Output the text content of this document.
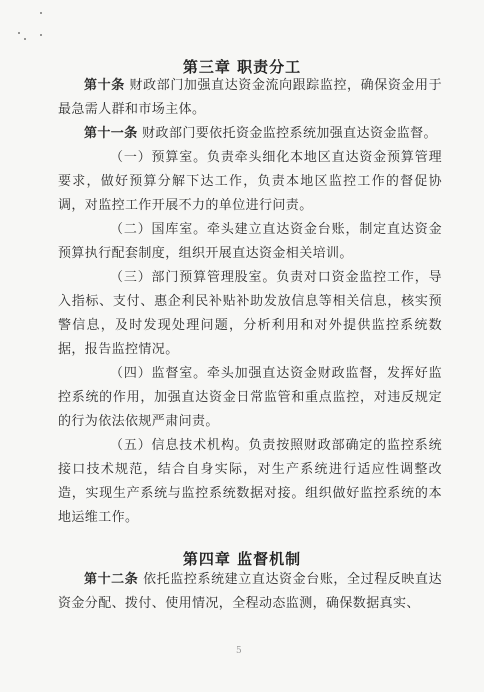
第三章 职责分工
第十条 财政部门加强直达资金流向跟踪监控，确保资金用于最急需人群和市场主体。
第十一条 财政部门要依托资金监控系统加强直达资金监督。
（一）预算室。负责牵头细化本地区直达资金预算管理要求，做好预算分解下达工作，负责本地区监控工作的督促协调，对监控工作开展不力的单位进行问责。
（二）国库室。牵头建立直达资金台账，制定直达资金预算执行配套制度，组织开展直达资金相关培训。
（三）部门预算管理股室。负责对口资金监控工作，导入指标、支付、惠企利民补贴补助发放信息等相关信息，核实预警信息，及时发现处理问题，分析利用和对外提供监控系统数据，报告监控情况。
（四）监督室。牵头加强直达资金财政监督，发挥好监控系统的作用，加强直达资金日常监管和重点监控，对违反规定的行为依法依规严肃问责。
（五）信息技术机构。负责按照财政部确定的监控系统接口技术规范，结合自身实际，对生产系统进行适应性调整改造，实现生产系统与监控系统数据对接。组织做好监控系统的本地运维工作。
第四章 监督机制
第十二条 依托监控系统建立直达资金台账，全过程反映直达资金分配、拨付、使用情况，全程动态监测，确保数据真实、
5
